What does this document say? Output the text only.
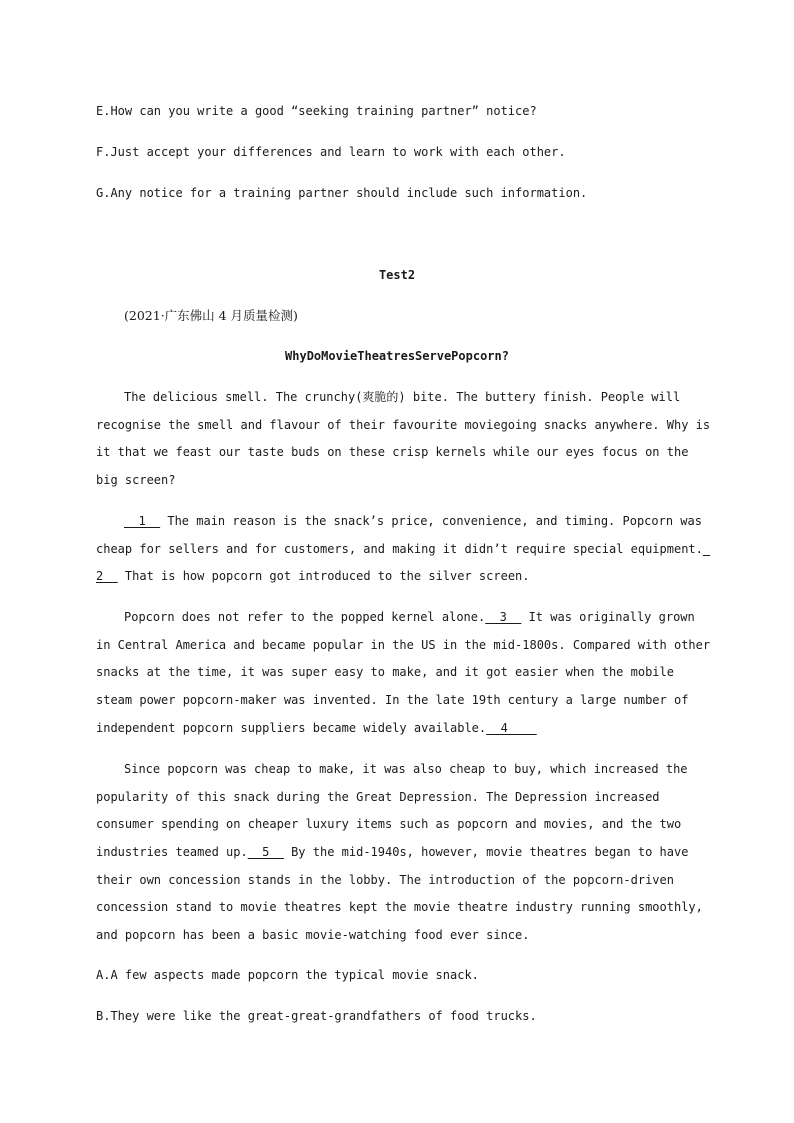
E.How can you write a good “seeking training partner” notice?
F.Just accept your differences and learn to work with each other.
G.Any notice for a training partner should include such information.
Test2
(2021·广东佛山 4 月质量检测)
WhyDoMovieTheatresServePopcorn?
The delicious smell. The crunchy(爽脆的) bite. The buttery finish. People will
recognise the smell and flavour of their favourite moviegoing snacks anywhere. Why is
it that we feast our taste buds on these crisp kernels while our eyes focus on the
big screen?
1   The main reason is the snack’s price, convenience, and timing. Popcorn was
cheap for sellers and for customers, and making it didn’t require special equipment.
2   That is how popcorn got introduced to the silver screen.
Popcorn does not refer to the popped kernel alone.  3   It was originally grown
in Central America and became popular in the US in the mid-1800s. Compared with other
snacks at the time, it was super easy to make, and it got easier when the mobile
steam power popcorn-maker was invented. In the late 19th century a large number of
independent popcorn suppliers became widely available.  4
Since popcorn was cheap to make, it was also cheap to buy, which increased the
popularity of this snack during the Great Depression. The Depression increased
consumer spending on cheaper luxury items such as popcorn and movies, and the two
industries teamed up.  5   By the mid-1940s, however, movie theatres began to have
their own concession stands in the lobby. The introduction of the popcorn-driven
concession stand to movie theatres kept the movie theatre industry running smoothly,
and popcorn has been a basic movie-watching food ever since.
A.A few aspects made popcorn the typical movie snack.
B.They were like the great-great-grandfathers of food trucks.
